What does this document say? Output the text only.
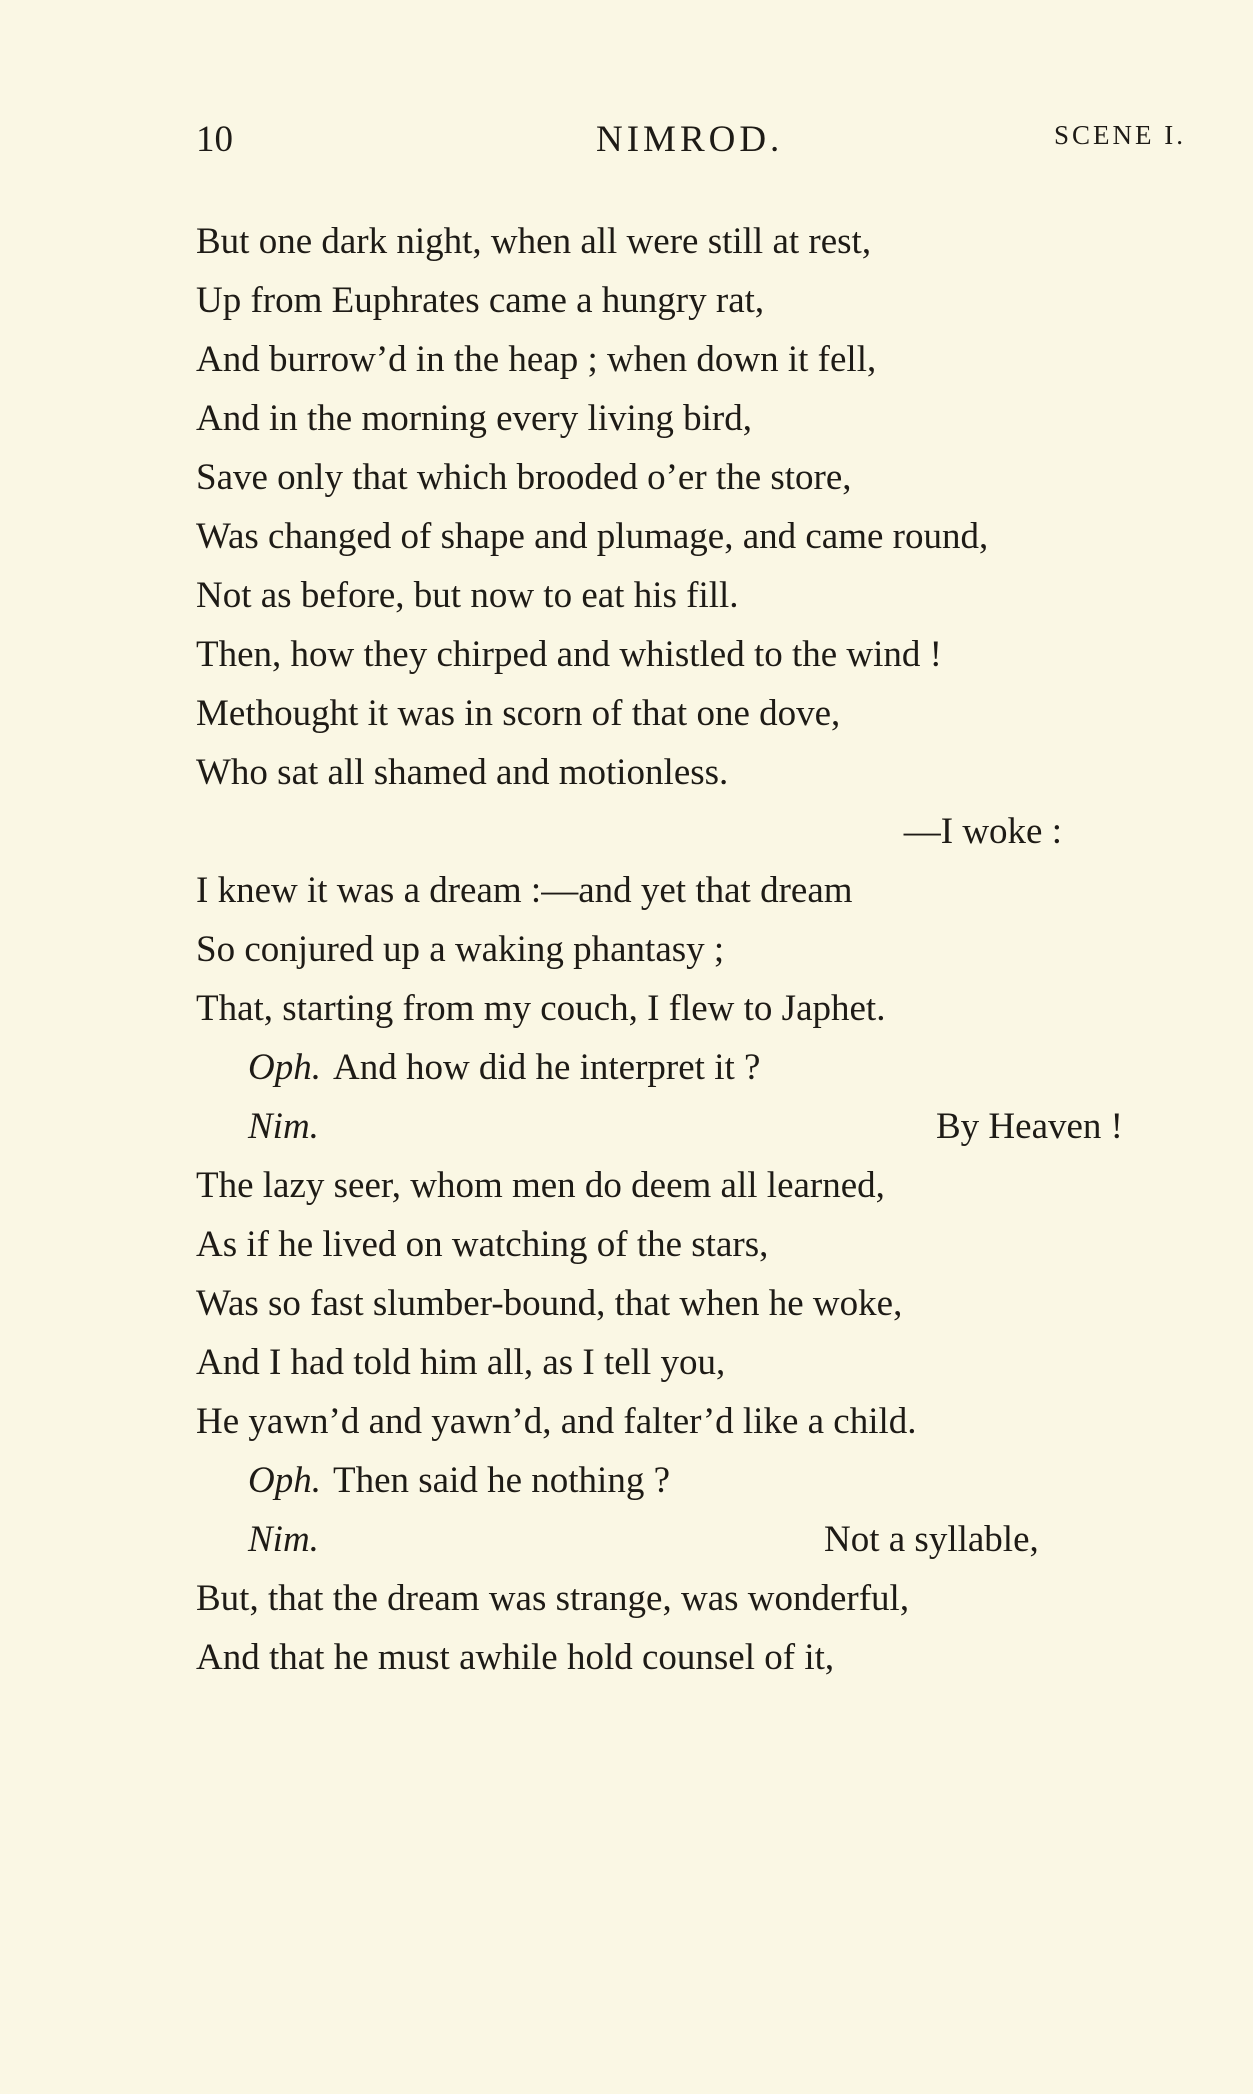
10	NIMROD.	SCENE I.
But one dark night, when all were still at rest,
Up from Euphrates came a hungry rat,
And burrow’d in the heap ; when down it fell,
And in the morning every living bird,
Save only that which brooded o’er the store,
Was changed of shape and plumage, and came round,
Not as before, but now to eat his fill.
Then, how they chirped and whistled to the wind !
Methought it was in scorn of that one dove,
Who sat all shamed and motionless.
—I woke :
I knew it was a dream :—and yet that dream
So conjured up a waking phantasy ;
That, starting from my couch, I flew to Japhet.
Oph. And how did he interpret it ?
Nim.	By Heaven !
The lazy seer, whom men do deem all learned,
As if he lived on watching of the stars,
Was so fast slumber-bound, that when he woke,
And I had told him all, as I tell you,
He yawn’d and yawn’d, and falter’d like a child.
Oph. Then said he nothing ?
Nim.	Not a syllable,
But, that the dream was strange, was wonderful,
And that he must awhile hold counsel of it,
